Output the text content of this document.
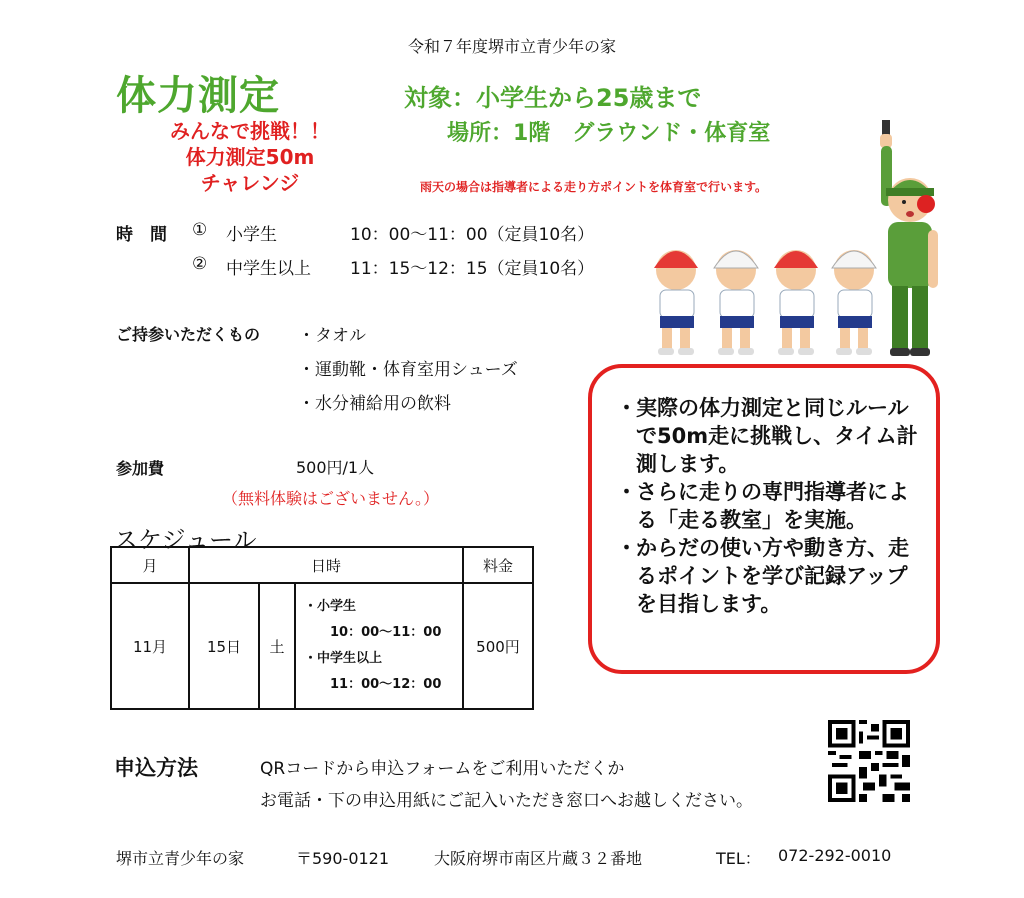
令和７年度堺市立青少年の家
体力測定	対象：小学生から25歳まで
場所：1階　グラウンド・体育室
みんなで挑戦！！
体力測定50m
チャレンジ	雨天の場合は指導者による走り方ポイントを体育室で行います。
時　間 ① 小学生	10：00～11：00（定員10名）
② 中学生以上 11：15～12：15（定員10名）
ご持参いただくもの ・タオル
・運動靴・体育室用シューズ
・水分補給用の飲料
参加費	500円/1人
（無料体験はございません。）
スケジュール
月	日時			料金
11月	15日	土	・小学生
10：00～11：00
・中学生以上
11：00～12：00	500円
・ 実際の体力測定と同じルールで50m走に挑戦し、タイム計測します。
・ さらに走りの専門指導者による「走る教室」を実施。
・ からだの使い方や動き方、走るポイントを学び記録アップを目指します。
申込方法	QRコードから申込フォームをご利用いただくか
お電話・下の申込用紙にご記入いただき窓口へお越しください。
堺市立青少年の家	〒590-0121	大阪府堺市南区片蔵３２番地	TEL： 072-292-0010
